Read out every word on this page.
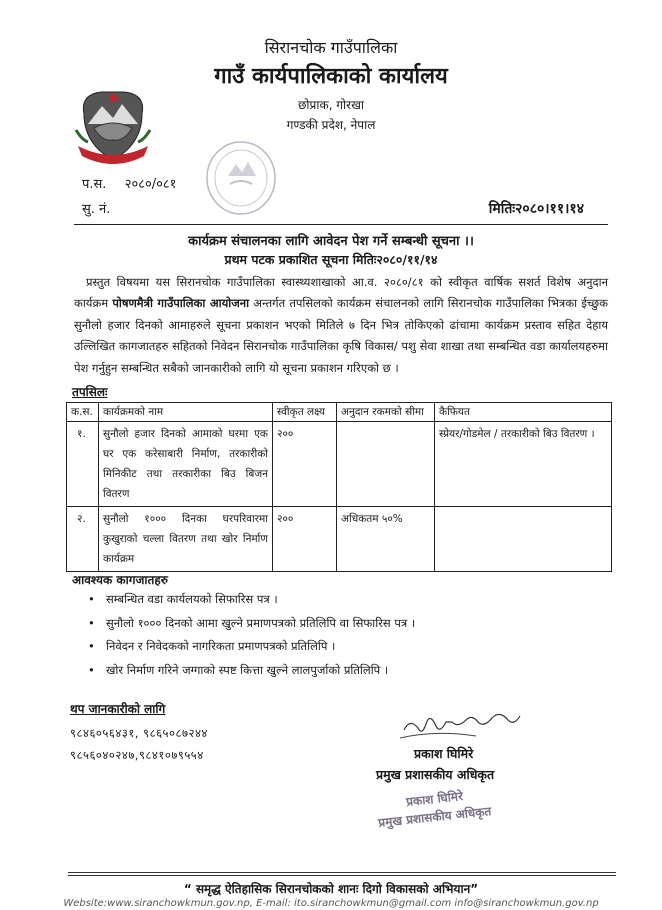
सिरानचोक गाउँपालिका
गाउँ कार्यपालिकाको कार्यालय
छोप्राक, गोरखा
गण्डकी प्रदेश, नेपाल
प.स. २०८०/०८१
सु. नं.	मितिः२०८०।११।१४
कार्यक्रम संचालनका लागि आवेदन पेश गर्ने सम्बन्धी सूचना ।।
प्रथम पटक प्रकाशित सूचना मितिः२०८०/११/१४
प्रस्तुत विषयमा यस सिरानचोक गाउँपालिका स्वास्थ्यशाखाको आ.व. २०८०/८१ को स्वीकृत वार्षिक सशर्त विशेष अनुदान कार्यक्रम पोषणमैत्री गाउँपालिका आयोजना अन्तर्गत तपसिलको कार्यक्रम संचालनको लागि सिरानचोक गाउँपालिका भित्रका ईच्छुक सुनौलो हजार दिनको आमाहरुले सूचना प्रकाशन भएको मितिले ७ दिन भित्र तोकिएको ढांचामा कार्यक्रम प्रस्ताव सहित देहाय उल्लिखित कागजातहरु सहितको निवेदन सिरानचोक गाउँपालिका कृषि विकास/ पशु सेवा शाखा तथा सम्बन्धित वडा कार्यालयहरुमा पेश गर्नुहुन सम्बन्धित सबैको जानकारीको लागि यो सूचना प्रकाशन गरिएको छ ।
तपसिलः
क.स.	कार्यक्रमको नाम	स्वीकृत लक्ष्य	अनुदान रकमको सीमा	कैफियत
१.	सुनौलो हजार दिनको आमाको घरमा एक घर एक करेसाबारी निर्माण, तरकारीको मिनिकीट तथा तरकारीका बिउ बिजन वितरण	२००		स्प्रेयर/गोडमेल / तरकारीको बिउ वितरण ।
२.	सुनौलो १००० दिनका घरपरिवारमा कुखुराको चल्ला वितरण तथा खोर निर्माण कार्यक्रम	२००	अधिकतम ५०%	
आवश्यक कागजातहरु
• सम्बन्धित वडा कार्यलयको सिफारिस पत्र ।
• सुनौलो १००० दिनको आमा खुल्ने प्रमाणपत्रको प्रतिलिपि वा सिफारिस पत्र ।
• निवेदन र निवेदकको नागरिकता प्रमाणपत्रको प्रतिलिपि ।
• खोर निर्माण गरिने जग्गाको स्पष्ट कित्ता खुल्ने लालपुर्जाको प्रतिलिपि ।
थप जानकारीको लागि
९८४६०५६४३१, ९८६५०८७२४४
९८५६०४०२४७,९८४१०७९५५४	प्रकाश घिमिरे
प्रमुख प्रशासकीय अधिकृत
प्रकाश घिमिरे
प्रमुख प्रशासकीय अधिकृत
“ समृद्ध ऐतिहासिक सिरानचोकको शानः दिगो विकासको अभियान”
Website:www.siranchowkmun.gov.np, E-mail: ito.siranchowkmun@gmail.com info@siranchowkmun.gov.np
